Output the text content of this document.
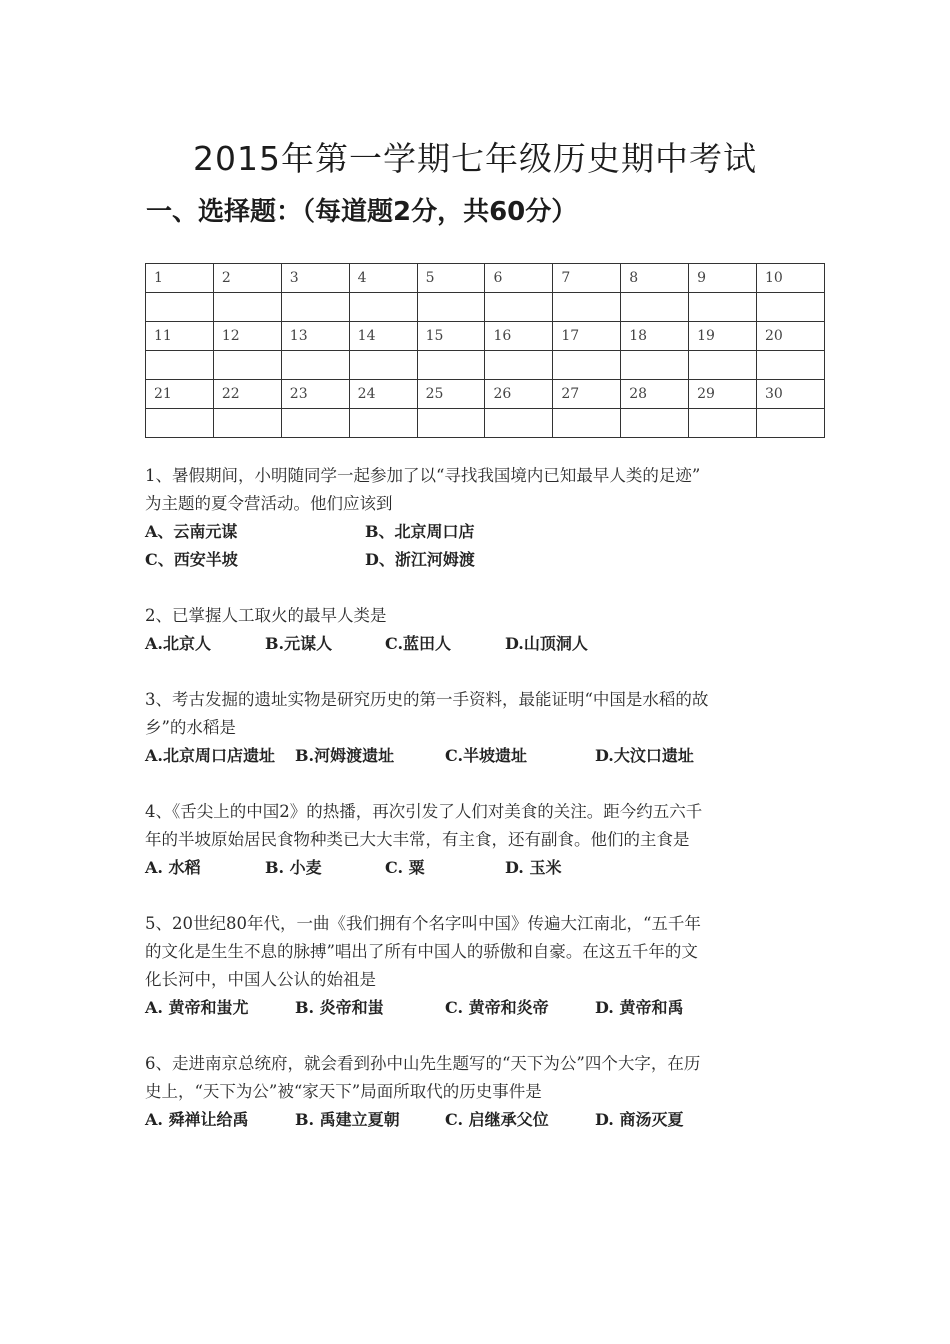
2015年第一学期七年级历史期中考试
一、选择题：（每道题2分，共60分）
1	2	3	4	5	6	7	8	9	10

11	12	13	14	15	16	17	18	19	20

21	22	23	24	25	26	27	28	29	30

1、暑假期间，小明随同学一起参加了以“寻找我国境内已知最早人类的足迹”
为主题的夏令营活动。他们应该到
A、云南元谋	B、北京周口店
C、西安半坡	D、浙江河姆渡
2、已掌握人工取火的最早人类是
A.北京人	B.元谋人	C.蓝田人	D.山顶洞人
3、考古发掘的遗址实物是研究历史的第一手资料，最能证明“中国是水稻的故
乡”的水稻是
A.北京周口店遗址 B.河姆渡遗址	C.半坡遗址	D.大汶口遗址
4、《舌尖上的中国2》的热播，再次引发了人们对美食的关注。距今约五六千
年的半坡原始居民食物种类已大大丰常，有主食，还有副食。他们的主食是
A. 水稻	B. 小麦	C. 粟	D. 玉米
5、20世纪80年代，一曲《我们拥有个名字叫中国》传遍大江南北，“五千年
的文化是生生不息的脉搏”唱出了所有中国人的骄傲和自豪。在这五千年的文
化长河中，中国人公认的始祖是
A. 黄帝和蚩尤	B. 炎帝和蚩	C. 黄帝和炎帝	D. 黄帝和禹
6、走进南京总统府，就会看到孙中山先生题写的“天下为公”四个大字，在历
史上，“天下为公”被“家天下”局面所取代的历史事件是
A. 舜禅让给禹	B. 禹建立夏朝	C. 启继承父位	D. 商汤灭夏
